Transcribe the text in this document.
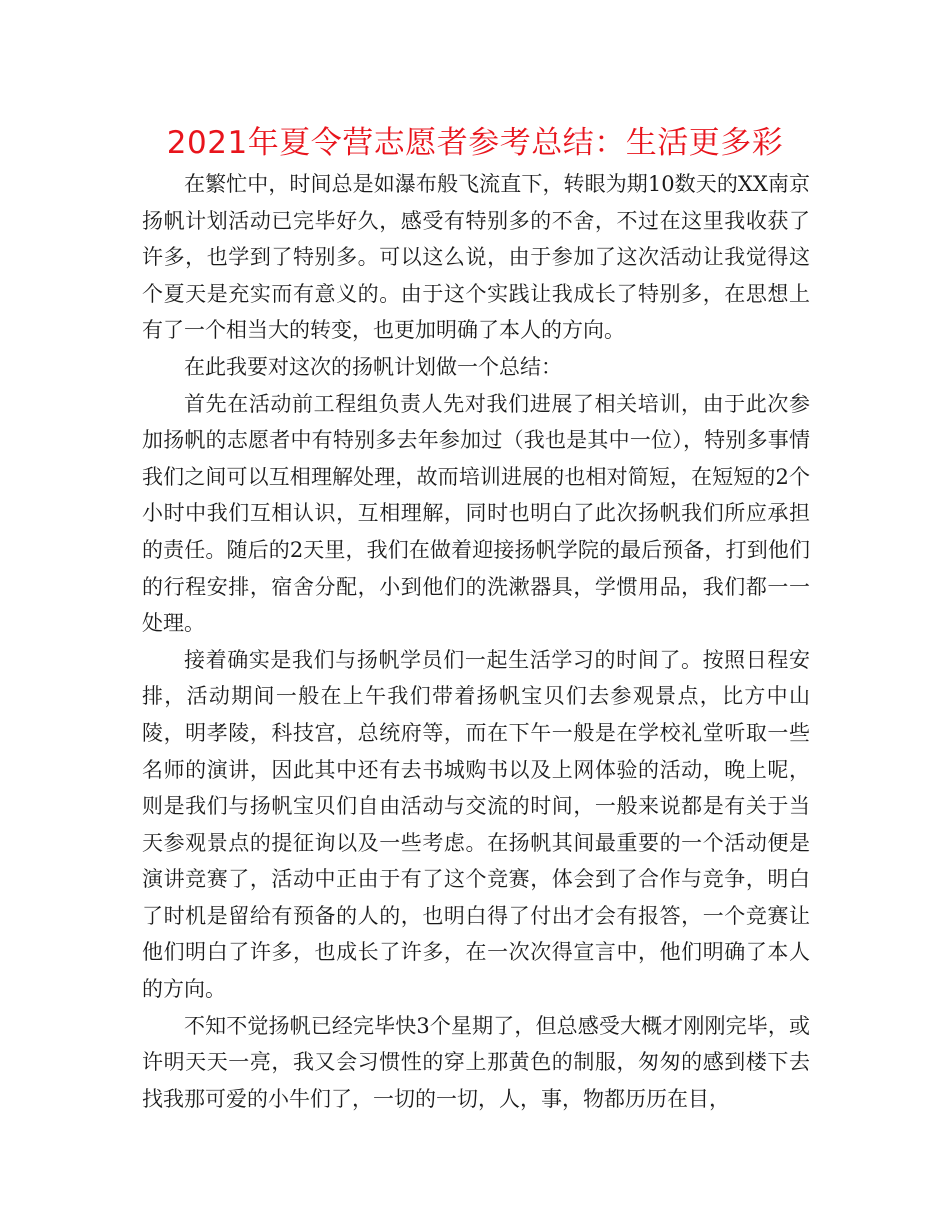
2021年夏令营志愿者参考总结：生活更多彩

在繁忙中，时间总是如瀑布般飞流直下，转眼为期10数天的XX南京扬帆计划活动已完毕好久，感受有特别多的不舍，不过在这里我收获了许多，也学到了特别多。可以这么说，由于参加了这次活动让我觉得这个夏天是充实而有意义的。由于这个实践让我成长了特别多，在思想上有了一个相当大的转变，也更加明确了本人的方向。

在此我要对这次的扬帆计划做一个总结：

首先在活动前工程组负责人先对我们进展了相关培训，由于此次参加扬帆的志愿者中有特别多去年参加过（我也是其中一位），特别多事情我们之间可以互相理解处理，故而培训进展的也相对简短，在短短的2个小时中我们互相认识，互相理解，同时也明白了此次扬帆我们所应承担的责任。随后的2天里，我们在做着迎接扬帆学院的最后预备，打到他们的行程安排，宿舍分配，小到他们的洗漱器具，学惯用品，我们都一一处理。

接着确实是我们与扬帆学员们一起生活学习的时间了。按照日程安排，活动期间一般在上午我们带着扬帆宝贝们去参观景点，比方中山陵，明孝陵，科技宫，总统府等，而在下午一般是在学校礼堂听取一些名师的演讲，因此其中还有去书城购书以及上网体验的活动，晚上呢，则是我们与扬帆宝贝们自由活动与交流的时间，一般来说都是有关于当天参观景点的提征询以及一些考虑。在扬帆其间最重要的一个活动便是演讲竞赛了，活动中正由于有了这个竞赛，体会到了合作与竞争，明白了时机是留给有预备的人的，也明白得了付出才会有报答，一个竞赛让他们明白了许多，也成长了许多，在一次次得宣言中，他们明确了本人的方向。

不知不觉扬帆已经完毕快3个星期了，但总感受大概才刚刚完毕，或许明天天一亮，我又会习惯性的穿上那黄色的制服，匆匆的感到楼下去找我那可爱的小牛们了，一切的一切，人，事，物都历历在目，
